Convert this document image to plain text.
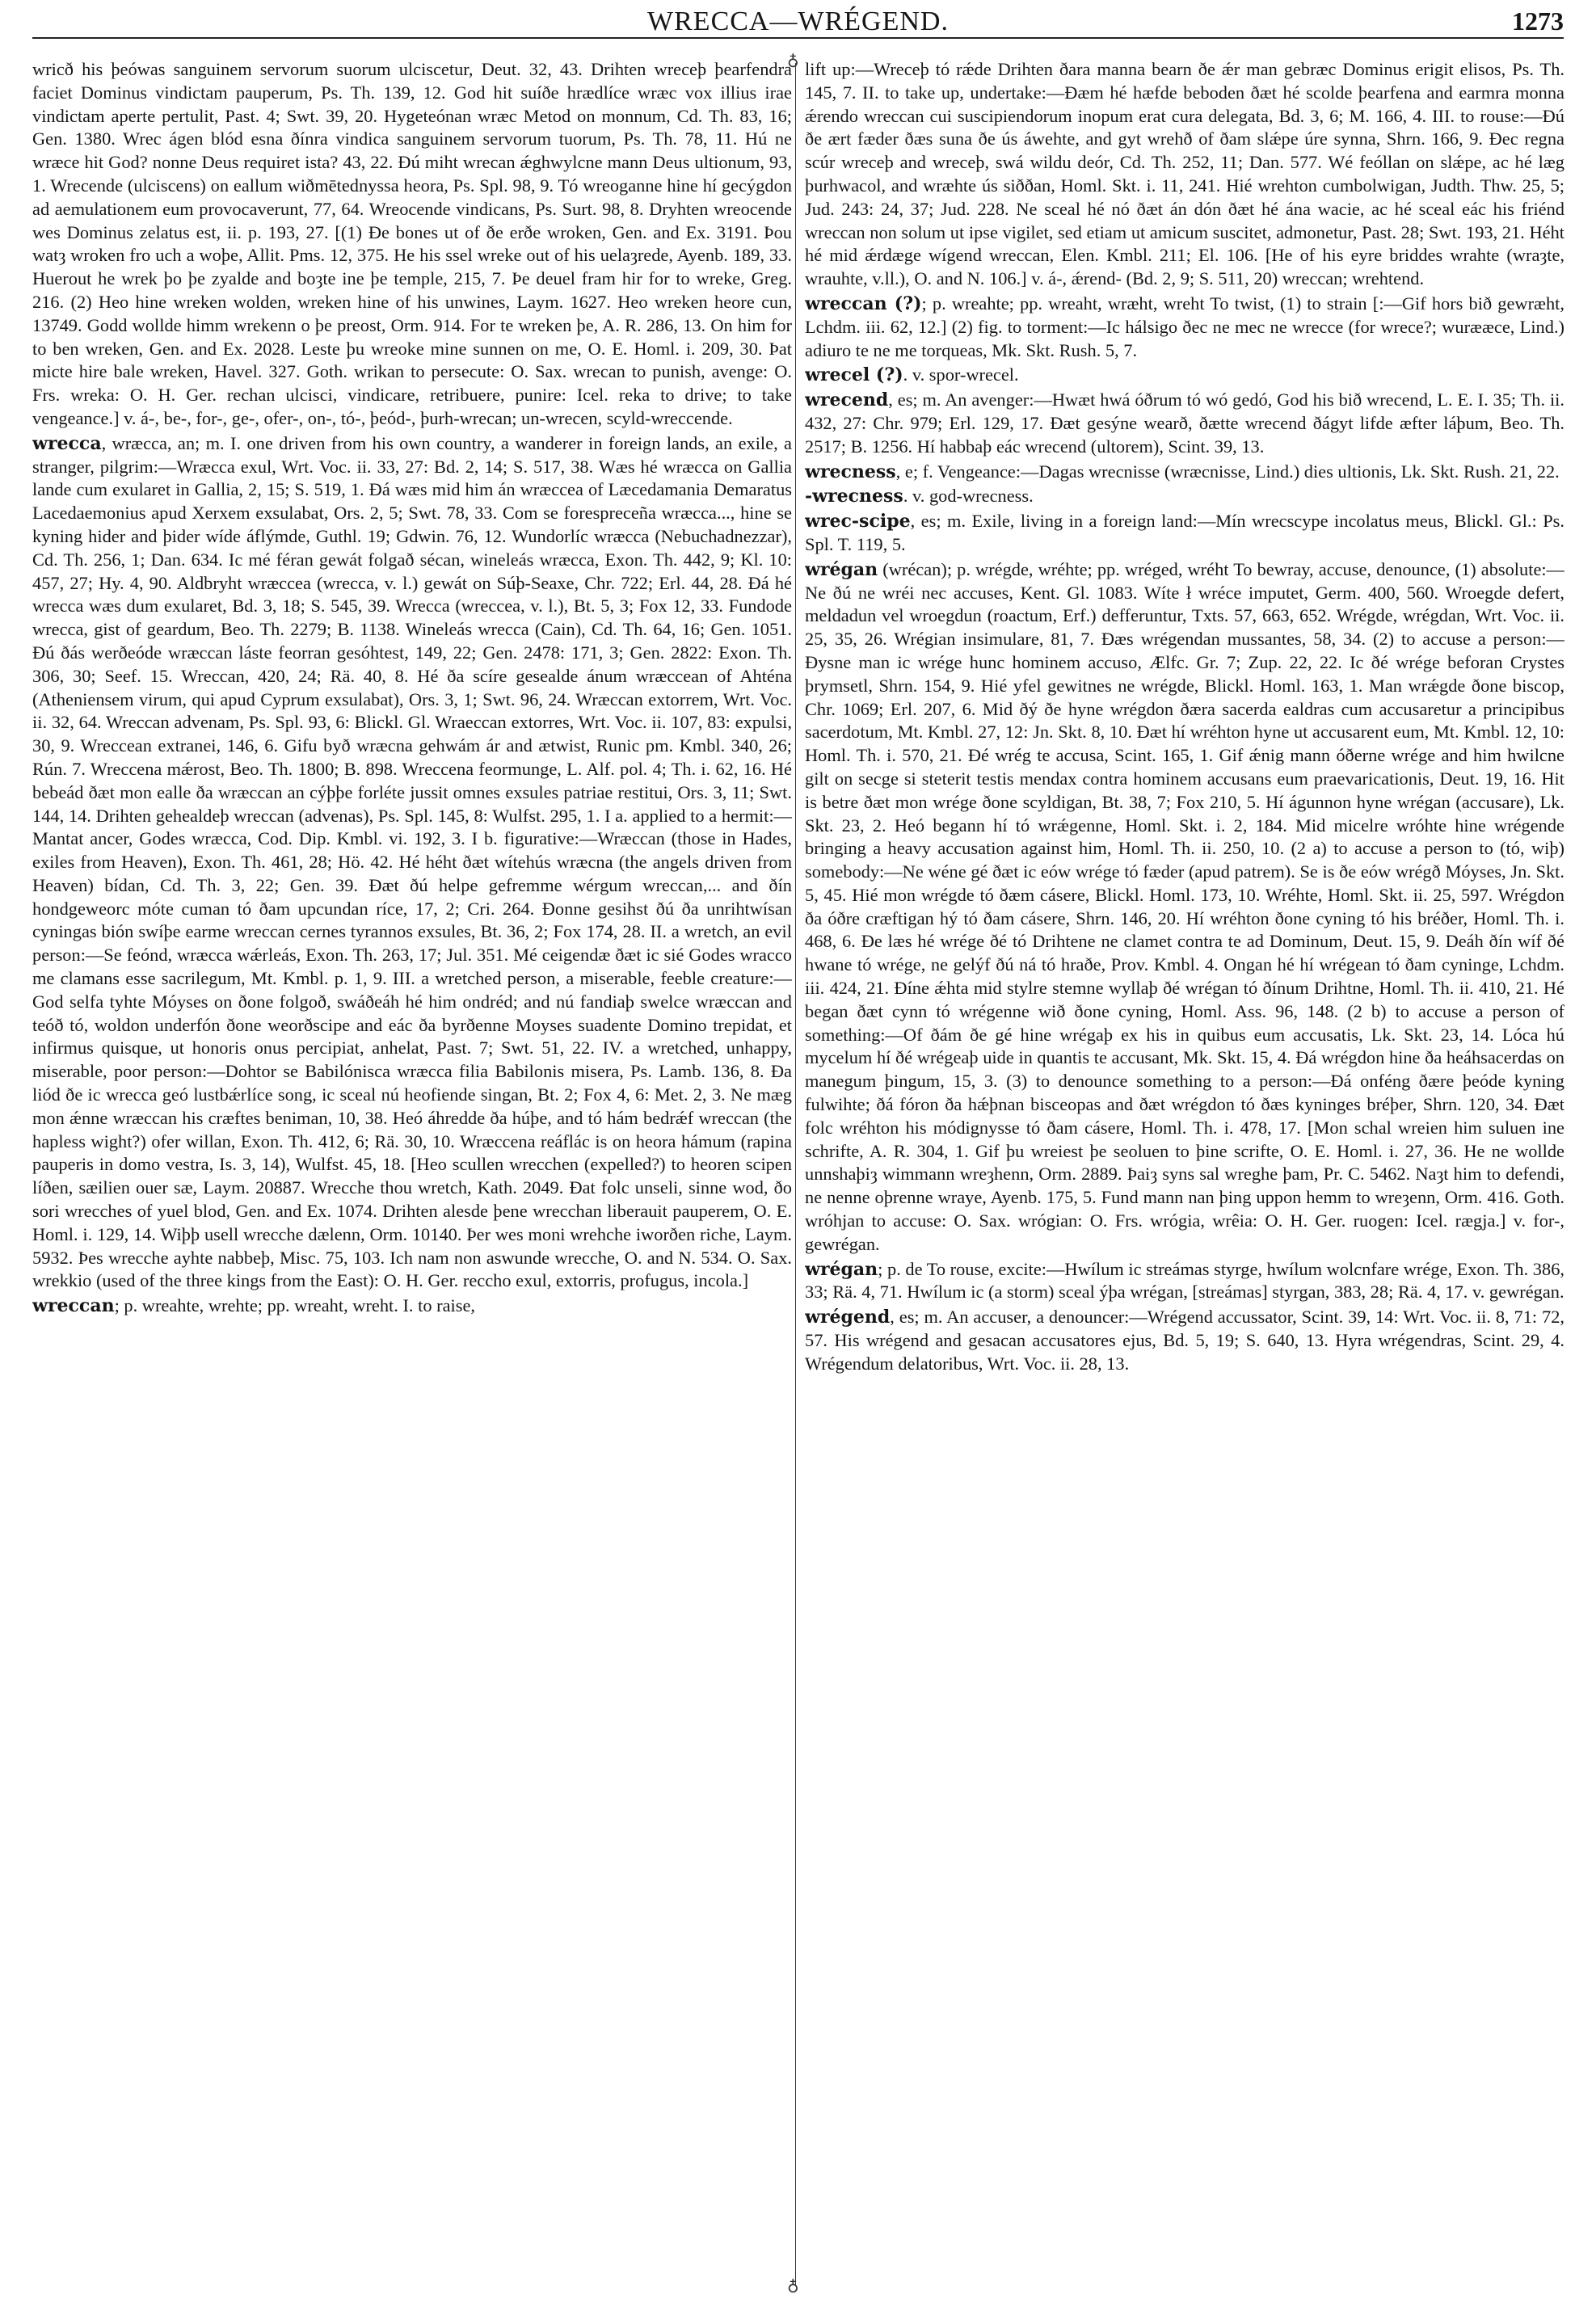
WRECCA—WRÉGEND.	1273
♁
♁

wricð his þeówas sanguinem servorum suorum ulciscetur, Deut. 32, 43. Drihten wreceþ þearfendra faciet Dominus vindictam pauperum, Ps. Th. 139, 12. God hit suíðe hrædlíce wræc vox illius irae vindictam aperte pertulit, Past. 4; Swt. 39, 20. Hygeteónan wræc Metod on monnum, Cd. Th. 83, 16; Gen. 1380. Wrec ágen blód esna ðínra vindica sanguinem servorum tuorum, Ps. Th. 78, 11. Hú ne wræce hit God? nonne Deus requiret ista? 43, 22. Ðú miht wrecan ǽghwylcne mann Deus ultionum, 93, 1. Wrecende (ulciscens) on eallum wiðmētednyssa heora, Ps. Spl. 98, 9. Tó wreoganne hine hí gecýgdon ad aemulationem eum provocaverunt, 77, 64. Wreocende vindicans, Ps. Surt. 98, 8. Dryhten wreocende wes Dominus zelatus est, ii. p. 193, 27. [(1) Ðe bones ut of ðe erðe wroken, Gen. and Ex. 3191. Þou watȝ wroken fro uch a woþe, Allit. Pms. 12, 375. He his ssel wreke out of his uelaȝrede, Ayenb. 189, 33. Huerout he wrek þo þe zyalde and boȝte ine þe temple, 215, 7. Þe deuel fram hir for to wreke, Greg. 216. (2) Heo hine wreken wolden, wreken hine of his unwines, Laym. 1627. Heo wreken heore cun, 13749. Godd wollde himm wrekenn o þe preost, Orm. 914. For te wreken þe, A. R. 286, 13. On him for to ben wreken, Gen. and Ex. 2028. Leste þu wreoke mine sunnen on me, O. E. Homl. i. 209, 30. Þat micte hire bale wreken, Havel. 327. Goth. wrikan to persecute: O. Sax. wrecan to punish, avenge: O. Frs. wreka: O. H. Ger. rechan ulcisci, vindicare, retribuere, punire: Icel. reka to drive; to take vengeance.] v. á-, be-, for-, ge-, ofer-, on-, tó-, þeód-, þurh-wrecan; un-wrecen, scyld-wreccende.

wrecca, wræcca, an; m. I. one driven from his own country, a wanderer in foreign lands, an exile, a stranger, pilgrim:—Wræcca exul, Wrt. Voc. ii. 33, 27: Bd. 2, 14; S. 517, 38. Wæs hé wræcca on Gallia lande cum exularet in Gallia, 2, 15; S. 519, 1. Ðá wæs mid him án wræccea of Læcedamania Demaratus Lacedaemonius apud Xerxem exsulabat, Ors. 2, 5; Swt. 78, 33. Com se forespreceña wræcca..., hine se kyning hider and þider wíde áflýmde, Guthl. 19; Gdwin. 76, 12. Wundorlíc wræcca (Nebuchadnezzar), Cd. Th. 256, 1; Dan. 634. Ic mé féran gewát folgað sécan, wineleás wræcca, Exon. Th. 442, 9; Kl. 10: 457, 27; Hy. 4, 90. Aldbryht wræccea (wrecca, v. l.) gewát on Súþ-Seaxe, Chr. 722; Erl. 44, 28. Ðá hé wrecca wæs dum exularet, Bd. 3, 18; S. 545, 39. Wrecca (wreccea, v. l.), Bt. 5, 3; Fox 12, 33. Fundode wrecca, gist of geardum, Beo. Th. 2279; B. 1138. Wineleás wrecca (Cain), Cd. Th. 64, 16; Gen. 1051. Ðú ðás werðeóde wræccan láste feorran gesóhtest, 149, 22; Gen. 2478: 171, 3; Gen. 2822: Exon. Th. 306, 30; Seef. 15. Wreccan, 420, 24; Rä. 40, 8. Hé ða scíre gesealde ánum wræccean of Ahténa (Atheniensem virum, qui apud Cyprum exsulabat), Ors. 3, 1; Swt. 96, 24. Wræccan extorrem, Wrt. Voc. ii. 32, 64. Wreccan advenam, Ps. Spl. 93, 6: Blickl. Gl. Wraeccan extorres, Wrt. Voc. ii. 107, 83: expulsi, 30, 9. Wreccean extranei, 146, 6. Gifu byð wræcna gehwám ár and ætwist, Runic pm. Kmbl. 340, 26; Rún. 7. Wreccena mǽrost, Beo. Th. 1800; B. 898. Wreccena feormunge, L. Alf. pol. 4; Th. i. 62, 16. Hé bebeád ðæt mon ealle ða wræccan an cýþþe forléte jussit omnes exsules patriae restitui, Ors. 3, 11; Swt. 144, 14. Drihten gehealdeþ wreccan (advenas), Ps. Spl. 145, 8: Wulfst. 295, 1. I a. applied to a hermit:—Mantat ancer, Godes wræcca, Cod. Dip. Kmbl. vi. 192, 3. I b. figurative:—Wræccan (those in Hades, exiles from Heaven), Exon. Th. 461, 28; Hö. 42. Hé héht ðæt wítehús wræcna (the angels driven from Heaven) bídan, Cd. Th. 3, 22; Gen. 39. Ðæt ðú helpe gefremme wérgum wreccan,... and ðín hondgeweorc móte cuman tó ðam upcundan ríce, 17, 2; Cri. 264. Ðonne gesihst ðú ða unrihtwísan cyningas bión swíþe earme wreccan cernes tyrannos exsules, Bt. 36, 2; Fox 174, 28. II. a wretch, an evil person:—Se feónd, wræcca wǽrleás, Exon. Th. 263, 17; Jul. 351. Mé ceigendæ ðæt ic sié Godes wracco me clamans esse sacrilegum, Mt. Kmbl. p. 1, 9. III. a wretched person, a miserable, feeble creature:—God selfa tyhte Móyses on ðone folgoð, swáðeáh hé him ondréd; and nú fandiaþ swelce wræccan and teóð tó, woldon underfón ðone weorðscipe and eác ða byrðenne Moyses suadente Domino trepidat, et infirmus quisque, ut honoris onus percipiat, anhelat, Past. 7; Swt. 51, 22. IV. a wretched, unhappy, miserable, poor person:—Dohtor se Babilónisca wræcca filia Babilonis misera, Ps. Lamb. 136, 8. Ða liód ðe ic wrecca geó lustbǽrlíce song, ic sceal nú heofiende singan, Bt. 2; Fox 4, 6: Met. 2, 3. Ne mæg mon ǽnne wræccan his cræftes beniman, 10, 38. Heó áhredde ða húþe, and tó hám bedrǽf wreccan (the hapless wight?) ofer willan, Exon. Th. 412, 6; Rä. 30, 10. Wræccena reáflác is on heora hámum (rapina pauperis in domo vestra, Is. 3, 14), Wulfst. 45, 18. [Heo scullen wrecchen (expelled?) to heoren scipen líðen, sæilien ouer sæ, Laym. 20887. Wrecche thou wretch, Kath. 2049. Ðat folc unseli, sinne wod, ðo sori wrecches of yuel blod, Gen. and Ex. 1074. Drihten alesde þene wrecchan liberauit pauperem, O. E. Homl. i. 129, 14. Wiþþ usell wrecche dælenn, Orm. 10140. Þer wes moni wrehche iworðen riche, Laym. 5932. Þes wrecche ayhte nabbeþ, Misc. 75, 103. Ich nam non aswunde wrecche, O. and N. 534. O. Sax. wrekkio (used of the three kings from the East): O. H. Ger. reccho exul, extorris, profugus, incola.]

wreccan; p. wreahte, wrehte; pp. wreaht, wreht. I. to raise,

lift up:—Wreceþ tó rǽde Drihten ðara manna bearn ðe ǽr man gebræc Dominus erigit elisos, Ps. Th. 145, 7. II. to take up, undertake:—Ðæm hé hæfde beboden ðæt hé scolde þearfena and earmra monna ǽrendo wreccan cui suscipiendorum inopum erat cura delegata, Bd. 3, 6; M. 166, 4. III. to rouse:—Ðú ðe ært fæder ðæs suna ðe ús áwehte, and gyt wrehð of ðam slǽpe úre synna, Shrn. 166, 9. Ðec regna scúr wreceþ and wreceþ, swá wildu deór, Cd. Th. 252, 11; Dan. 577. Wé feóllan on slǽpe, ac hé læg þurhwacol, and wræhte ús siððan, Homl. Skt. i. 11, 241. Hié wrehton cumbolwigan, Judth. Thw. 25, 5; Jud. 243: 24, 37; Jud. 228. Ne sceal hé nó ðæt án dón ðæt hé ána wacie, ac hé sceal eác his friénd wreccan non solum ut ipse vigilet, sed etiam ut amicum suscitet, admonetur, Past. 28; Swt. 193, 21. Héht hé mid ǽrdæge wígend wreccan, Elen. Kmbl. 211; El. 106. [He of his eyre briddes wrahte (wraȝte, wrauhte, v.ll.), O. and N. 106.] v. á-, ǽrend- (Bd. 2, 9; S. 511, 20) wreccan; wrehtend.

wreccan (?); p. wreahte; pp. wreaht, wræht, wreht To twist, (1) to strain [:—Gif hors bið gewræht, Lchdm. iii. 62, 12.] (2) fig. to torment:—Ic hálsigo ðec ne mec ne wreccе (for wrece?; wurææce, Lind.) adiuro te ne me torqueas, Mk. Skt. Rush. 5, 7.

wrecel (?). v. spor-wrecel.

wrecend, es; m. An avenger:—Hwæt hwá óðrum tó wó gedó, God his bið wrecend, L. E. I. 35; Th. ii. 432, 27: Chr. 979; Erl. 129, 17. Ðæt gesýne wearð, ðætte wrecend ðágyt lifde æfter láþum, Beo. Th. 2517; B. 1256. Hí habbaþ eác wrecend (ultorem), Scint. 39, 13.

wrecness, e; f. Vengeance:—Dagas wrecnisse (wræcnisse, Lind.) dies ultionis, Lk. Skt. Rush. 21, 22.

-wrecness. v. god-wrecness.

wrec-scipe, es; m. Exile, living in a foreign land:—Mín wrecscype incolatus meus, Blickl. Gl.: Ps. Spl. T. 119, 5.

wrégan (wrécan); p. wrégde, wréhte; pp. wréged, wréht To bewray, accuse, denounce, (1) absolute:—Ne ðú ne wréi nec accuses, Kent. Gl. 1083. Wíte ł wréce imputet, Germ. 400, 560. Wroegde defert, meldadun vel wroegdun (roactum, Erf.) defferuntur, Txts. 57, 663, 652. Wrégde, wrégdan, Wrt. Voc. ii. 25, 35, 26. Wrégian insimulare, 81, 7. Ðæs wrégendan mussantes, 58, 34. (2) to accuse a person:—Ðysne man ic wrége hunc hominem accuso, Ælfc. Gr. 7; Zup. 22, 22. Ic ðé wrége beforan Crystes þrymsetl, Shrn. 154, 9. Hié yfel gewitnes ne wrégde, Blickl. Homl. 163, 1. Man wrǽgde ðone biscop, Chr. 1069; Erl. 207, 6. Mid ðý ðe hyne wrégdon ðæra sacerda ealdras cum accusaretur a principibus sacerdotum, Mt. Kmbl. 27, 12: Jn. Skt. 8, 10. Ðæt hí wréhton hyne ut accusarent eum, Mt. Kmbl. 12, 10: Homl. Th. i. 570, 21. Ðé wrég te accusa, Scint. 165, 1. Gif ǽnig mann óðerne wrége and him hwilcne gilt on secge si steterit testis mendax contra hominem accusans eum praevaricationis, Deut. 19, 16. Hit is betre ðæt mon wrége ðone scyldigan, Bt. 38, 7; Fox 210, 5. Hí águnnon hyne wrégan (accusare), Lk. Skt. 23, 2. Heó begann hí tó wrǽgenne, Homl. Skt. i. 2, 184. Mid micelre wróhte hine wrégende bringing a heavy accusation against him, Homl. Th. ii. 250, 10. (2 a) to accuse a person to (tó, wiþ) somebody:—Ne wéne gé ðæt ic eów wrége tó fæder (apud patrem). Se is ðe eów wrégð Móyses, Jn. Skt. 5, 45. Hié mon wrégde tó ðæm cásere, Blickl. Homl. 173, 10. Wréhte, Homl. Skt. ii. 25, 597. Wrégdon ða óðre cræftigan hý tó ðam cásere, Shrn. 146, 20. Hí wréhton ðone cyning tó his bréðer, Homl. Th. i. 468, 6. Ðe læs hé wrége ðé tó Drihtene ne clamet contra te ad Dominum, Deut. 15, 9. Deáh ðín wíf ðé hwane tó wrége, ne gelýf ðú ná tó hraðe, Prov. Kmbl. 4. Ongan hé hí wrégean tó ðam cyninge, Lchdm. iii. 424, 21. Ðíne ǽhta mid stylre stemne wyllaþ ðé wrégan tó ðínum Drihtne, Homl. Th. ii. 410, 21. Hé began ðæt cynn tó wrégenne wið ðone cyning, Homl. Ass. 96, 148. (2 b) to accuse a person of something:—Of ðám ðe gé hine wrégaþ ex his in quibus eum accusatis, Lk. Skt. 23, 14. Lóca hú mycelum hí ðé wrégeaþ uide in quantis te accusant, Mk. Skt. 15, 4. Ðá wrégdon hine ða heáhsacerdas on manegum þingum, 15, 3. (3) to denounce something to a person:—Ðá onféng ðære þeóde kyning fulwihte; ðá fóron ða hǽþnan bisceopas and ðæt wrégdon tó ðæs kyninges bréþer, Shrn. 120, 34. Ðæt folc wréhton his módignysse tó ðam cásere, Homl. Th. i. 478, 17. [Mon schal wreien him suluen ine schrifte, A. R. 304, 1. Gif þu wreiest þe seoluen to þine scrifte, O. E. Homl. i. 27, 36. He ne wollde unnshaþiȝ wimmann wreȝhenn, Orm. 2889. Þaiȝ syns sal wreghe þam, Pr. C. 5462. Naȝt him to defendi, ne nenne oþrenne wraye, Ayenb. 175, 5. Fund mann nan þing uppon hemm to wreȝenn, Orm. 416. Goth. wróhjan to accuse: O. Sax. wrógian: O. Frs. wrógia, wrêia: O. H. Ger. ruogen: Icel. rægja.] v. for-, gewrégan.

wrégan; p. de To rouse, excite:—Hwílum ic streámas styrge, hwílum wolcnfare wrége, Exon. Th. 386, 33; Rä. 4, 71. Hwílum ic (a storm) sceal ýþa wrégan, [streámas] styrgan, 383, 28; Rä. 4, 17. v. gewrégan.

wrégend, es; m. An accuser, a denouncer:—Wrégend accussator, Scint. 39, 14: Wrt. Voc. ii. 8, 71: 72, 57. His wrégend and gesacan accusatores ejus, Bd. 5, 19; S. 640, 13. Hyra wrégendras, Scint. 29, 4. Wrégendum delatoribus, Wrt. Voc. ii. 28, 13.
